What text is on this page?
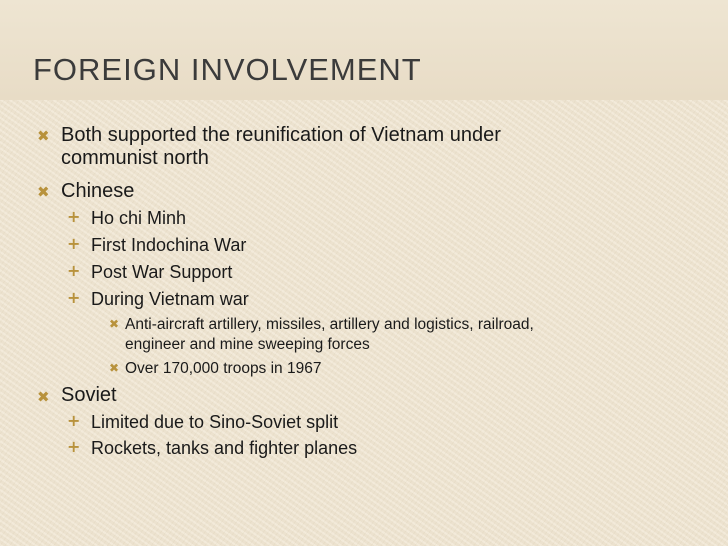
FOREIGN INVOLVEMENT
✖ Both supported the reunification of Vietnam under
communist north
✖ Chinese
+ Ho chi Minh
+ First Indochina War
+ Post War Support
+ During Vietnam war
✖ Anti-aircraft artillery, missiles, artillery and logistics, railroad,
engineer and mine sweeping forces
✖ Over 170,000 troops in 1967
✖ Soviet
+ Limited due to Sino-Soviet split
+ Rockets, tanks and fighter planes
